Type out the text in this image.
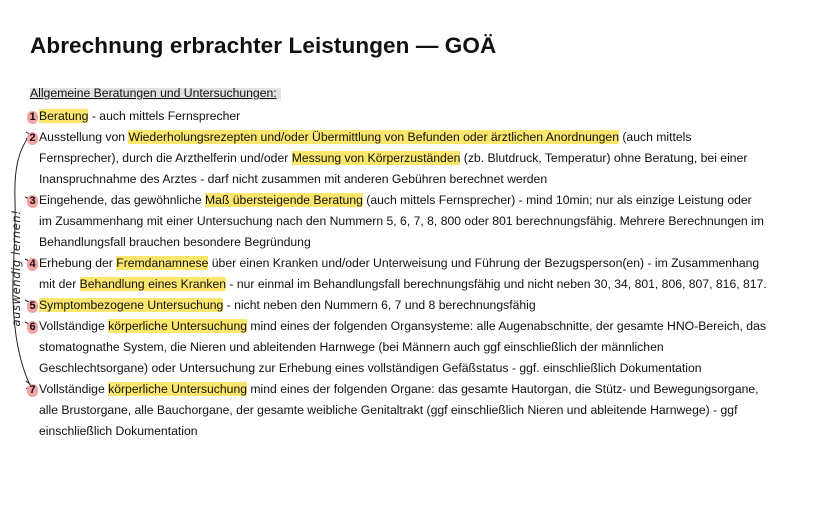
Abrechnung erbrachter Leistungen — GOÄ
Allgemeine Beratungen und Untersuchungen:
auswendig lernen!
1 Beratung - auch mittels Fernsprecher
2 Ausstellung von Wiederholungsrezepten und/oder Übermittlung von Befunden oder ärztlichen Anordnungen (auch mittels
Fernsprecher), durch die Arzthelferin und/oder Messung von Körperzuständen (zb. Blutdruck, Temperatur) ohne Beratung, bei einer
Inanspruchnahme des Arztes - darf nicht zusammen mit anderen Gebühren berechnet werden
3 Eingehende, das gewöhnliche Maß übersteigende Beratung (auch mittels Fernsprecher) - mind 10min; nur als einzige Leistung oder
im Zusammenhang mit einer Untersuchung nach den Nummern 5, 6, 7, 8, 800 oder 801 berechnungsfähig. Mehrere Berechnungen im
Behandlungsfall brauchen besondere Begründung
4 Erhebung der Fremdanamnese über einen Kranken und/oder Unterweisung und Führung der Bezugsperson(en) - im Zusammenhang
mit der Behandlung eines Kranken - nur einmal im Behandlungsfall berechnungsfähig und nicht neben 30, 34, 801, 806, 807, 816, 817.
5 Symptombezogene Untersuchung - nicht neben den Nummern 6, 7 und 8 berechnungsfähig
6 Vollständige körperliche Untersuchung mind eines der folgenden Organsysteme: alle Augenabschnitte, der gesamte HNO-Bereich, das
stomatognathe System, die Nieren und ableitenden Harnwege (bei Männern auch ggf einschließlich der männlichen
Geschlechtsorgane) oder Untersuchung zur Erhebung eines vollständigen Gefäßstatus - ggf. einschließlich Dokumentation
7 Vollständige körperliche Untersuchung mind eines der folgenden Organe: das gesamte Hautorgan, die Stütz- und Bewegungsorgane,
alle Brustorgane, alle Bauchorgane, der gesamte weibliche Genitaltrakt (ggf einschließlich Nieren und ableitende Harnwege) - ggf
einschließlich Dokumentation
